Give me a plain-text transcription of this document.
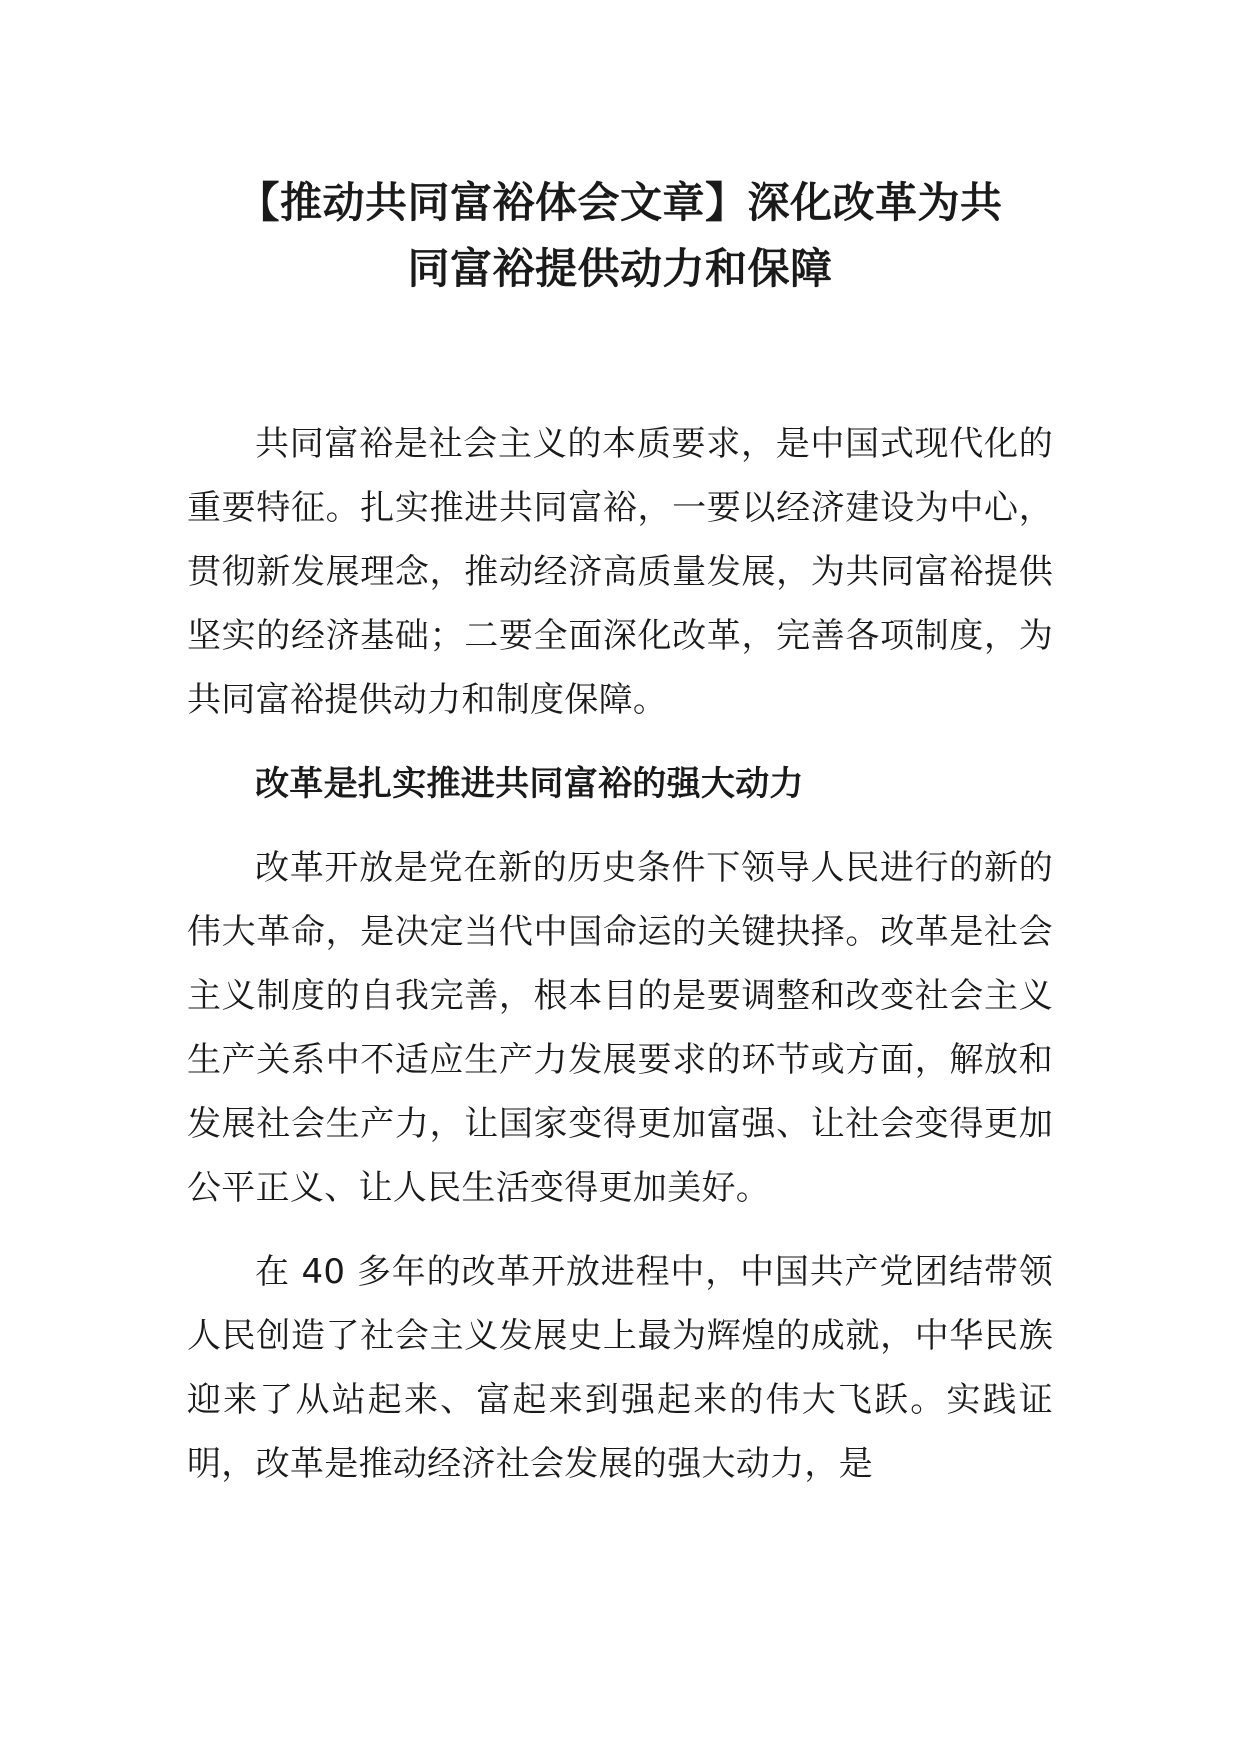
【推动共同富裕体会文章】深化改革为共
同富裕提供动力和保障

共同富裕是社会主义的本质要求，是中国式现代化的重要特征。扎实推进共同富裕，一要以经济建设为中心，贯彻新发展理念，推动经济高质量发展，为共同富裕提供坚实的经济基础；二要全面深化改革，完善各项制度，为共同富裕提供动力和制度保障。

改革是扎实推进共同富裕的强大动力

改革开放是党在新的历史条件下领导人民进行的新的伟大革命，是决定当代中国命运的关键抉择。改革是社会主义制度的自我完善，根本目的是要调整和改变社会主义生产关系中不适应生产力发展要求的环节或方面，解放和发展社会生产力，让国家变得更加富强、让社会变得更加公平正义、让人民生活变得更加美好。

在 40 多年的改革开放进程中，中国共产党团结带领人民创造了社会主义发展史上最为辉煌的成就，中华民族迎来了从站起来、富起来到强起来的伟大飞跃。实践证明，改革是推动经济社会发展的强大动力，是
